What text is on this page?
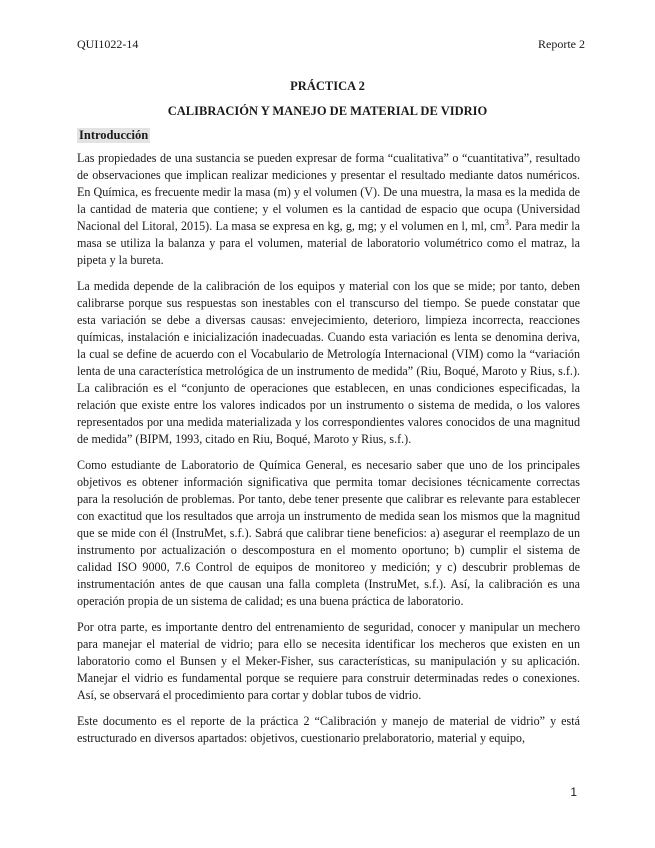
QUI1022-14	Reporte 2
PRÁCTICA 2
CALIBRACIÓN Y MANEJO DE MATERIAL DE VIDRIO
Introducción

Las propiedades de una sustancia se pueden expresar de forma “cualitativa” o “cuantitativa”, resultado de observaciones que implican realizar mediciones y presentar el resultado mediante datos numéricos. En Química, es frecuente medir la masa (m) y el volumen (V). De una muestra, la masa es la medida de la cantidad de materia que contiene; y el volumen es la cantidad de espacio que ocupa (Universidad Nacional del Litoral, 2015). La masa se expresa en kg, g, mg; y el volumen en l, ml, $cm^3$. Para medir la masa se utiliza la balanza y para el volumen, material de laboratorio volumétrico como el matraz, la pipeta y la bureta.

La medida depende de la calibración de los equipos y material con los que se mide; por tanto, deben calibrarse porque sus respuestas son inestables con el transcurso del tiempo. Se puede constatar que esta variación se debe a diversas causas: envejecimiento, deterioro, limpieza incorrecta, reacciones químicas, instalación e inicialización inadecuadas. Cuando esta variación es lenta se denomina deriva, la cual se define de acuerdo con el Vocabulario de Metrología Internacional (VIM) como la “variación lenta de una característica metrológica de un instrumento de medida” (Riu, Boqué, Maroto y Rius, s.f.). La calibración es el “conjunto de operaciones que establecen, en unas condiciones especificadas, la relación que existe entre los valores indicados por un instrumento o sistema de medida, o los valores representados por una medida materializada y los correspondientes valores conocidos de una magnitud de medida” (BIPM, 1993, citado en Riu, Boqué, Maroto y Rius, s.f.).

Como estudiante de Laboratorio de Química General, es necesario saber que uno de los principales objetivos es obtener información significativa que permita tomar decisiones técnicamente correctas para la resolución de problemas. Por tanto, debe tener presente que calibrar es relevante para establecer con exactitud que los resultados que arroja un instrumento de medida sean los mismos que la magnitud que se mide con él (InstruMet, s.f.). Sabrá que calibrar tiene beneficios: a) asegurar el reemplazo de un instrumento por actualización o descompostura en el momento oportuno; b) cumplir el sistema de calidad ISO 9000, 7.6 Control de equipos de monitoreo y medición; y c) descubrir problemas de instrumentación antes de que causan una falla completa (InstruMet, s.f.). Así, la calibración es una operación propia de un sistema de calidad; es una buena práctica de laboratorio.

Por otra parte, es importante dentro del entrenamiento de seguridad, conocer y manipular un mechero para manejar el material de vidrio; para ello se necesita identificar los mecheros que existen en un laboratorio como el Bunsen y el Meker-Fisher, sus características, su manipulación y su aplicación. Manejar el vidrio es fundamental porque se requiere para construir determinadas redes o conexiones. Así, se observará el procedimiento para cortar y doblar tubos de vidrio.

Este documento es el reporte de la práctica 2 “Calibración y manejo de material de vidrio” y está estructurado en diversos apartados: objetivos, cuestionario prelaboratorio, material y equipo,

1
